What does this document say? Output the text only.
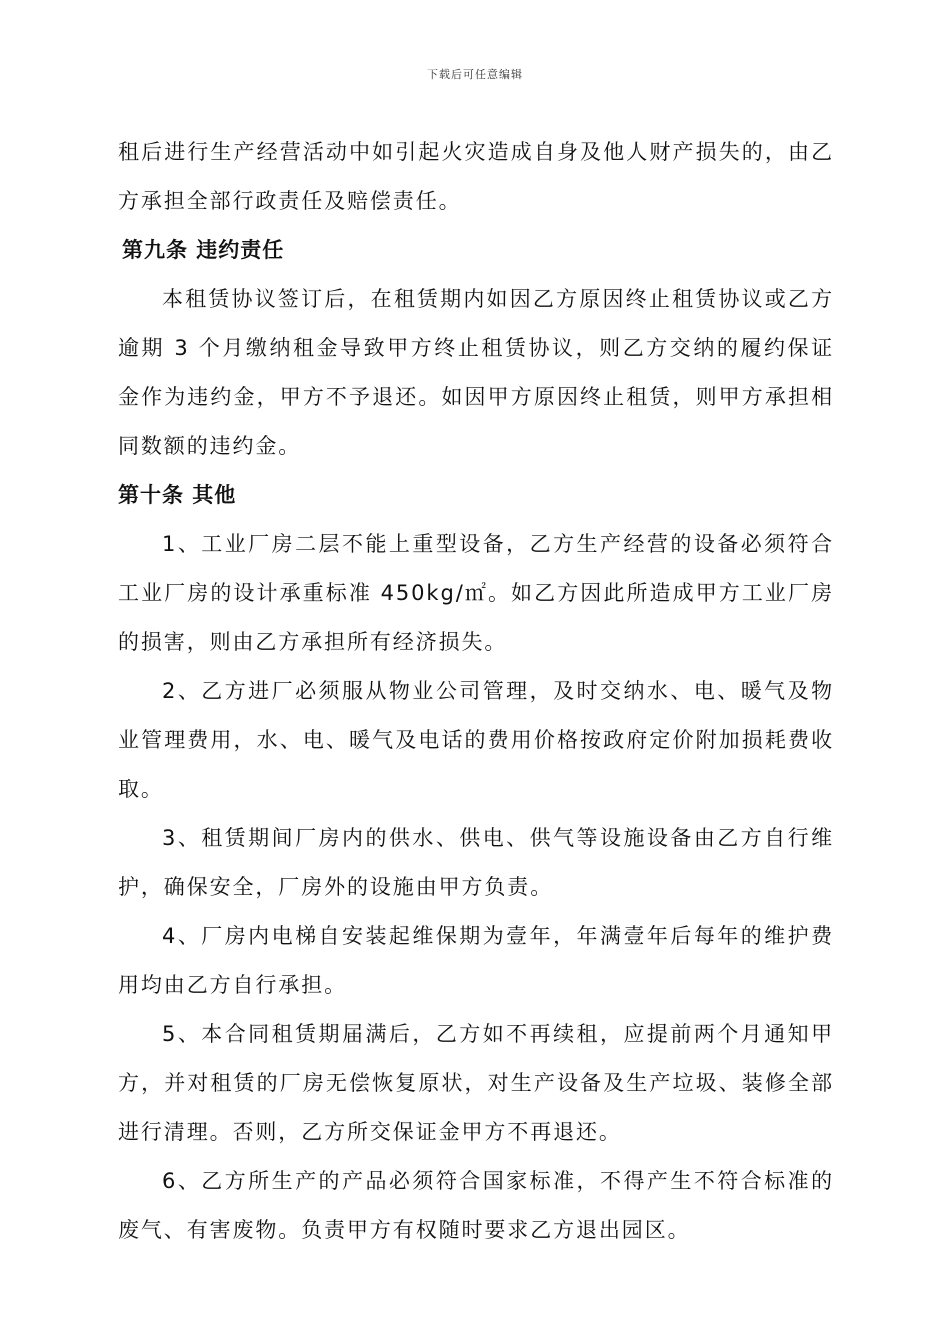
下载后可任意编辑

租后进行生产经营活动中如引起火灾造成自身及他人财产损失的，由乙方承担全部行政责任及赔偿责任。

第九条 违约责任

本租赁协议签订后，在租赁期内如因乙方原因终止租赁协议或乙方逾期 3 个月缴纳租金导致甲方终止租赁协议，则乙方交纳的履约保证金作为违约金，甲方不予退还。如因甲方原因终止租赁，则甲方承担相同数额的违约金。

第十条 其他

1、工业厂房二层不能上重型设备，乙方生产经营的设备必须符合工业厂房的设计承重标准 450kg/㎡。如乙方因此所造成甲方工业厂房的损害，则由乙方承担所有经济损失。

2、乙方进厂必须服从物业公司管理，及时交纳水、电、暖气及物业管理费用，水、电、暖气及电话的费用价格按政府定价附加损耗费收取。

3、租赁期间厂房内的供水、供电、供气等设施设备由乙方自行维护，确保安全，厂房外的设施由甲方负责。

4、厂房内电梯自安装起维保期为壹年，年满壹年后每年的维护费用均由乙方自行承担。

5、本合同租赁期届满后，乙方如不再续租，应提前两个月通知甲方，并对租赁的厂房无偿恢复原状，对生产设备及生产垃圾、装修全部进行清理。否则，乙方所交保证金甲方不再退还。

6、乙方所生产的产品必须符合国家标准，不得产生不符合标准的废气、有害废物。负责甲方有权随时要求乙方退出园区。
